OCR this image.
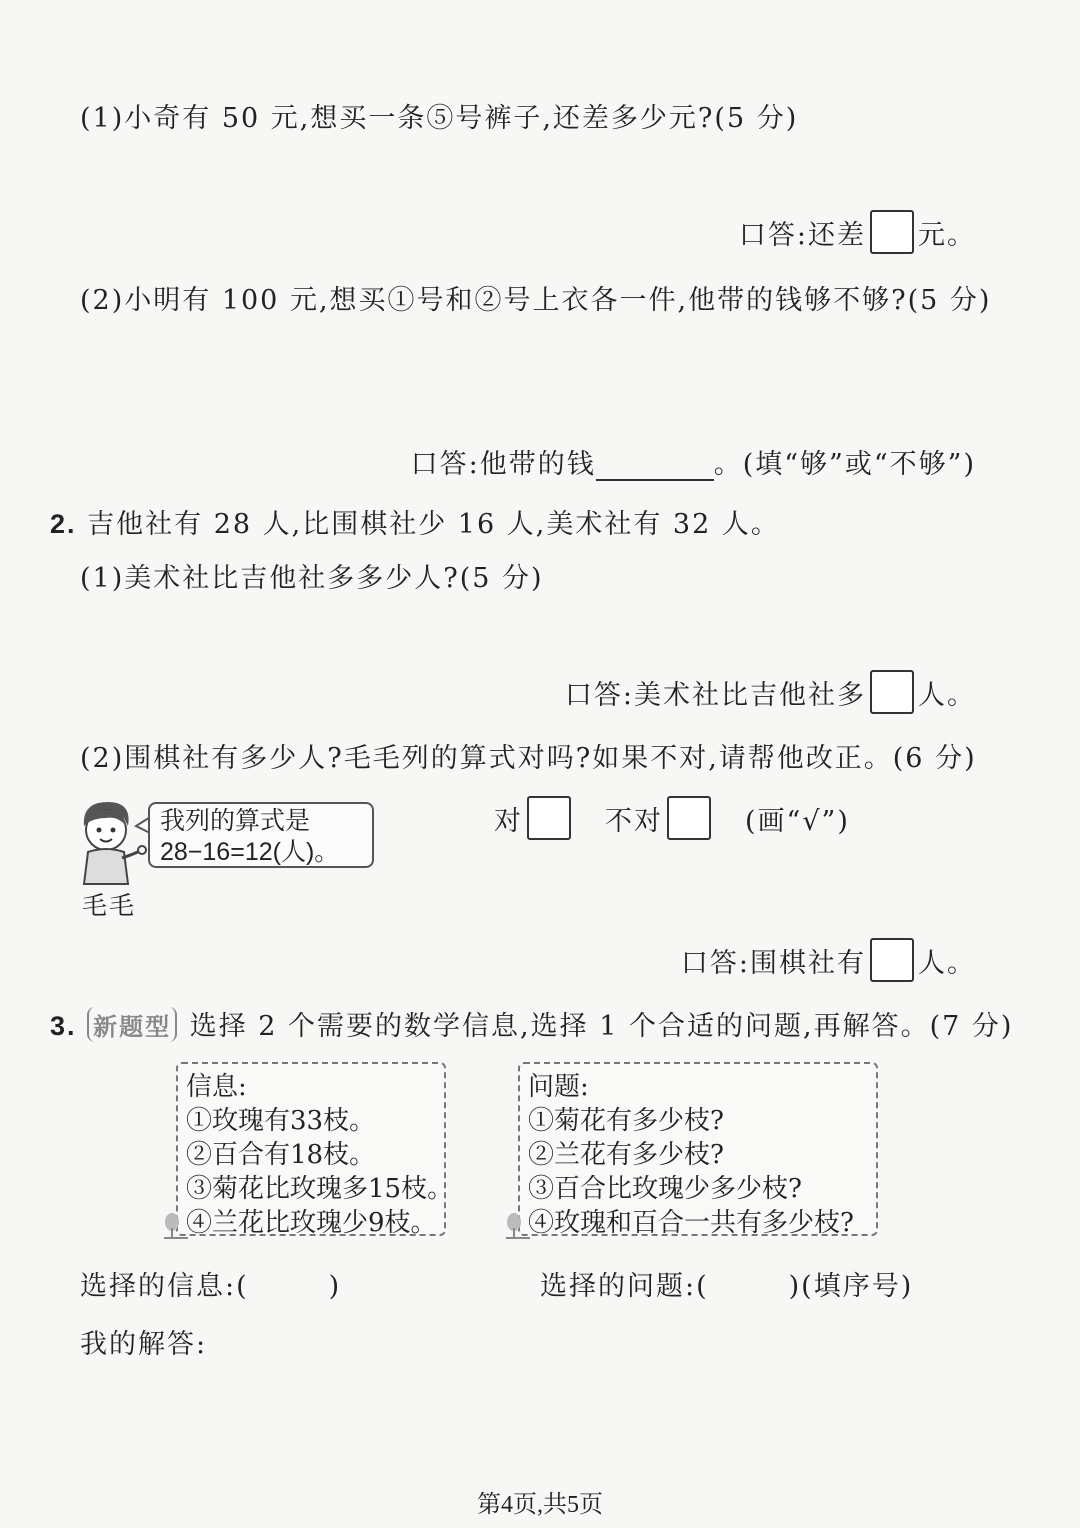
(1)小奇有 50 元,想买一条⑤号裤子,还差多少元?(5 分)
口答:还差 元。
(2)小明有 100 元,想买①号和②号上衣各一件,他带的钱够不够?(5 分)
口答:他带的钱	。(填“够”或“不够”)
2. 吉他社有 28 人,比围棋社少 16 人,美术社有 32 人。
(1)美术社比吉他社多多少人?(5 分)
口答:美术社比吉他社多 人。
(2)围棋社有多少人?毛毛列的算式对吗?如果不对,请帮他改正。(6 分)
我列的算式是
28−16=12(人)。
毛毛
对	不对	(画“√”)
口答:围棋社有 人。
3. 新题型 选择 2 个需要的数学信息,选择 1 个合适的问题,再解答。(7 分)
信息:
①玫瑰有33枝。
②百合有18枝。
③菊花比玫瑰多15枝。
④兰花比玫瑰少9枝。
问题:
①菊花有多少枝?
②兰花有多少枝?
③百合比玫瑰少多少枝?
④玫瑰和百合一共有多少枝?
选择的信息:(	)	选择的问题:(	)(填序号)
我的解答:
第4页,共5页
